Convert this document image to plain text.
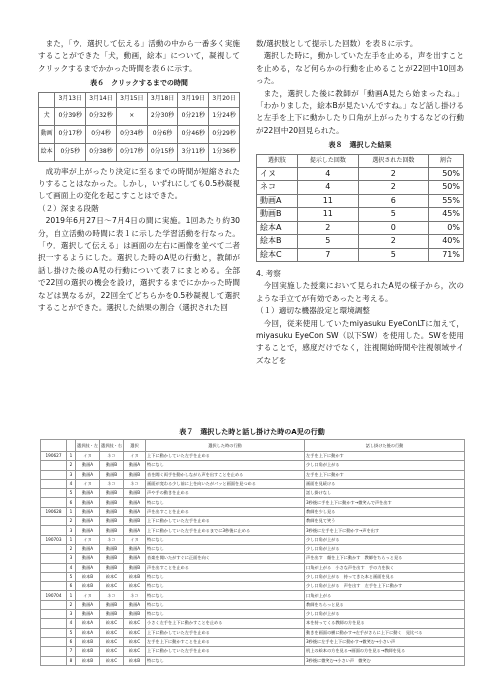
また，「ウ．選択して伝える」活動の中から一番多く実施することができた「犬，動画，絵本」について，凝視してクリックするまでかかった時間を表６に示す。

表６　クリックするまでの時間
	3月13日	3月14日	3月15日	3月18日	3月19日	3月20日
犬	0分39秒	0分32秒	×	2分30秒	0分21秒	1分24秒
動画	0分17秒	0分4秒	0分34秒	0分6秒	0分46秒	0分29秒
絵本	0分5秒	0分38秒	0分17秒	0分15秒	3分11秒	1分36秒

成功率が上がったり決定に至るまでの時間が短縮されたりすることはなかった。しかし，いずれにしても0.5秒凝視して画面上の変化を起こすことはできた。

（２）深まる段階

2019年6月27日～7月4日の間に実施。1回あたり約30分，自立活動の時間に表１に示した学習活動を行なった。「ウ．選択して伝える」は画面の左右に画像を並べて二者択一するようにした。選択した時のA児の行動と，教師が話し掛けた後のA児の行動について表７にまとめる。全部で22回の選択の機会を設け，選択するまでにかかった時間などは異なるが，22回全てどちらかを0.5秒凝視して選択することができた。選択した結果の割合（選択された回

数/選択肢として提示した回数）を表８に示す。

選択した時に，動かしていた左手を止める，声を出すことを止める，など何らかの行動を止めることが22回中10回あった。

また，選択した後に教師が「動画A見たら始まったね。」「わかりました，絵本Bが見たいんですね。」など話し掛けると左手を上下に動かしたり口角が上がったりするなどの行動が22回中20回見られた。

表８　選択した結果
選択肢	提示した回数	選択された回数	割合
イヌ	4	2	50%
ネコ	4	2	50%
動画A	11	6	55%
動画B	11	5	45%
絵本A	2	0	0%
絵本B	5	2	40%
絵本C	7	5	71%

4. 考察

今回実施した授業において見られたA児の様子から，次のような手立てが有効であったと考える。

（１）適切な機器設定と環境調整

今回，従来使用していたmiyasuku EyeConLTに加えて，miyasuku EyeCon SW（以下SW）を使用した。SWを使用することで，感度だけでなく，注視開始時間や注視領域サイズなどを

表７　選択した時と話し掛けた時のA児の行動
		選択肢・左	選択肢・右	選択	選択した時の行動	話し掛けた後の行動
190627	1	イヌ	ネコ	イヌ	上下に動かしていた左手を止める	左手を上下に動かす
	2	動画A	動画B	動画A	特になし	少し口角が上がる
	3	動画A	動画B	動画B	音を聞く両手を動かしながら声を出すことを止める	左手を上下に動かす
	4	イヌ	ネコ	ネコ	画面が変わる少し前に上を向いたがパッと画面を見つめる	画面を見続ける
	5	動画A	動画B	動画B	声や手の動きを止める	話し掛けなし
	6	動画A	動画B	動画A	特になし	3秒後に手を上下に動かす→微笑んで声を出す
190628	1	動画A	動画B	動画A	声を出すことを止める	教師を少し見る
	2	動画A	動画B	動画B	上下に動かしていた左手を止める	教師を見て笑う
	3	動画A	動画B	動画A	上下に動かしていた左手を止めるまでに3秒後に止める	3秒後に左手を上下に動かす→声を出す
190703	1	イヌ	ネコ	イヌ	特になし	少し口角が上がる
	2	動画A	動画B	動画A	特になし	少し口角が上がる
	3	動画A	動画B	動画A	音楽を聞いたがすぐに正面を向く	声を出す　顔を上下に動かす　教師をちらっと見る
	4	動画A	動画B	動画B	声を出すことを止める	口角が上がる　小さな声を出す　手の力を抜く
	5	絵本B	絵本C	絵本B	特になし	少し口角が上がる　持ってきた本と画面を見る
	6	絵本B	絵本C	絵本C	特になし	少し口角が上がる　声を出す　左手を上下に動かす
190704	1	イヌ	ネコ	ネコ	特になし	口角が上がる
	2	動画A	動画B	動画A	特になし	教師をちらっと見る
	3	動画A	動画B	動画B	特になし	少し口角が上がる
	4	絵本A	絵本C	絵本C	小さく左手を上下に動かすことを止める	本を持ってくる教師の方を見る
	5	絵本A	絵本C	絵本C	上下に動かしていた左手を止める	動きを画面の横に動かす→左手がさらに上下に動く　見比べる
	6	絵本B	絵本C	絵本C	左手を上下に動かすことを止める	3秒後に左手を上下に動かす→微笑む→小さい声
	7	絵本B	絵本C	絵本C	上下に動かしていた左手を止める	机上の絵本の方を見る→画面の方を見る→教師を見る
	8	絵本B	絵本C	絵本B	特になし	3秒後に微笑む→小さい声　微笑む
